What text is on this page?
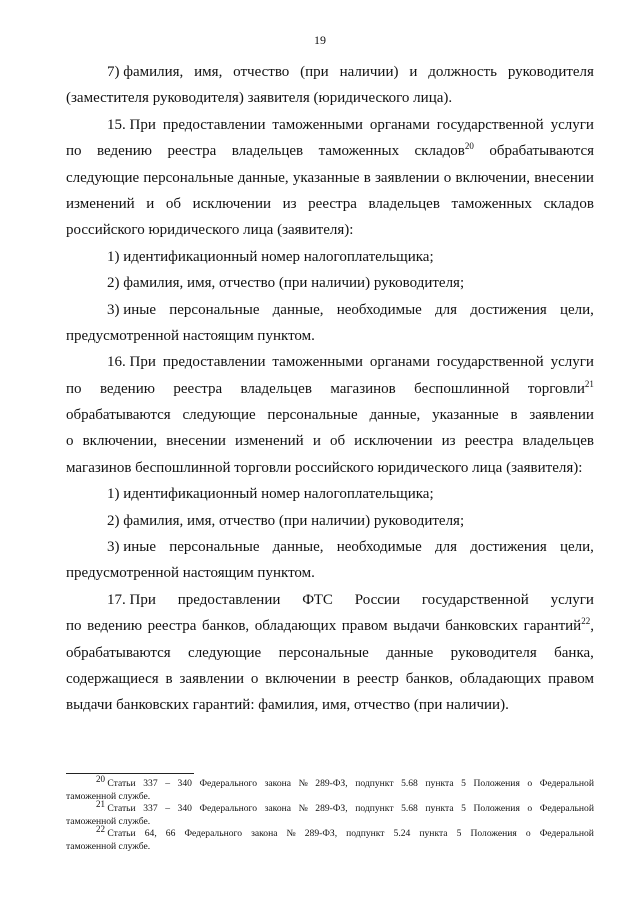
19
7) фамилия, имя, отчество (при наличии) и должность руководителя
(заместителя руководителя) заявителя (юридического лица).
15. При предоставлении таможенными органами государственной услуги
по ведению реестра владельцев таможенных складов$^{20}$ обрабатываются
следующие персональные данные, указанные в заявлении о включении, внесении
изменений и об исключении из реестра владельцев таможенных складов
российского юридического лица (заявителя):
1) идентификационный номер налогоплательщика;
2) фамилия, имя, отчество (при наличии) руководителя;
3) иные персональные данные, необходимые для достижения цели,
предусмотренной настоящим пунктом.
16. При предоставлении таможенными органами государственной услуги
по ведению реестра владельцев магазинов беспошлинной торговли$^{21}$
обрабатываются следующие персональные данные, указанные в заявлении
о включении, внесении изменений и об исключении из реестра владельцев
магазинов беспошлинной торговли российского юридического лица (заявителя):
1) идентификационный номер налогоплательщика;
2) фамилия, имя, отчество (при наличии) руководителя;
3) иные персональные данные, необходимые для достижения цели,
предусмотренной настоящим пунктом.
17. При предоставлении ФТС России государственной услуги
по ведению реестра банков, обладающих правом выдачи банковских гарантий$^{22}$,
обрабатываются следующие персональные данные руководителя банка,
содержащиеся в заявлении о включении в реестр банков, обладающих правом
выдачи банковских гарантий: фамилия, имя, отчество (при наличии).
$^{20}$ Статьи 337 – 340 Федерального закона № 289-ФЗ, подпункт 5.68 пункта 5 Положения о Федеральной
таможенной службе.
$^{21}$ Статьи 337 – 340 Федерального закона № 289-ФЗ, подпункт 5.68 пункта 5 Положения о Федеральной
таможенной службе.
$^{22}$ Статьи 64, 66 Федерального закона № 289-ФЗ, подпункт 5.24 пункта 5 Положения о Федеральной
таможенной службе.
